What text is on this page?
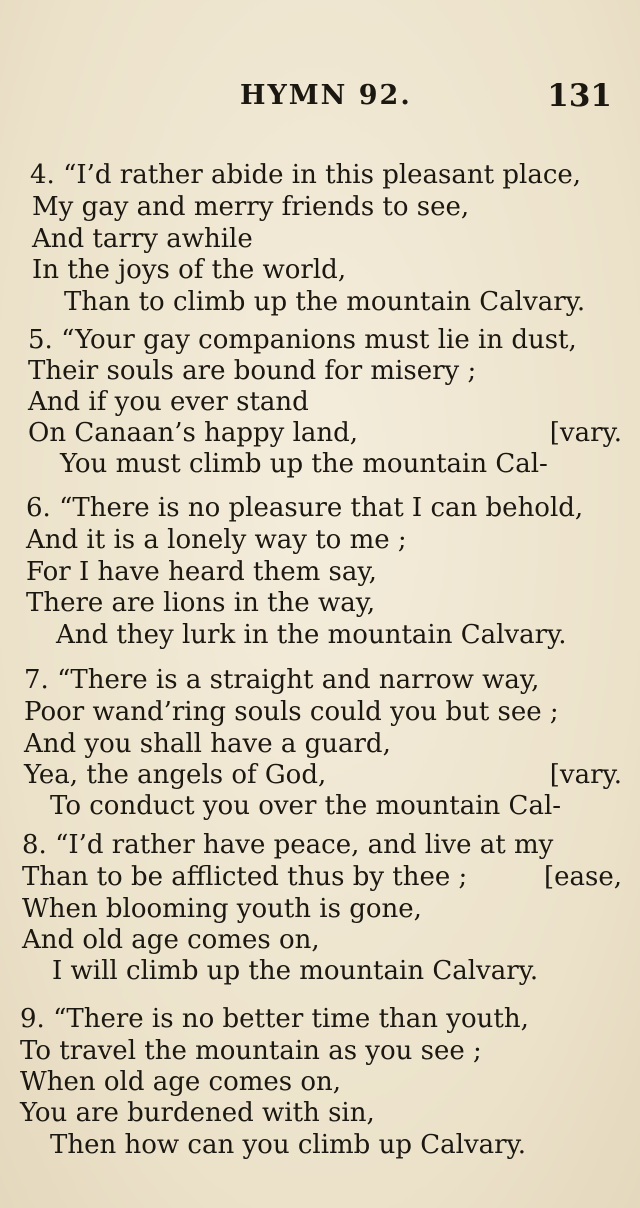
HYMN 92.	131
4. “I’d rather abide in this pleasant place,
My gay and merry friends to see,
And tarry awhile
In the joys of the world,
Than to climb up the mountain Calvary.
5. “Your gay companions must lie in dust,
Their souls are bound for misery ;
And if you ever stand
On Canaan’s happy land,	[vary.
You must climb up the mountain Cal-
6. “There is no pleasure that I can behold,
And it is a lonely way to me ;
For I have heard them say,
There are lions in the way,
And they lurk in the mountain Calvary.
7. “There is a straight and narrow way,
Poor wand’ring souls could you but see ;
And you shall have a guard,
Yea, the angels of God,	[vary.
To conduct you over the mountain Cal-
8. “I’d rather have peace, and live at my
Than to be afflicted thus by thee ;	[ease,
When blooming youth is gone,
And old age comes on,
I will climb up the mountain Calvary.
9. “There is no better time than youth,
To travel the mountain as you see ;
When old age comes on,
You are burdened with sin,
Then how can you climb up Calvary.
